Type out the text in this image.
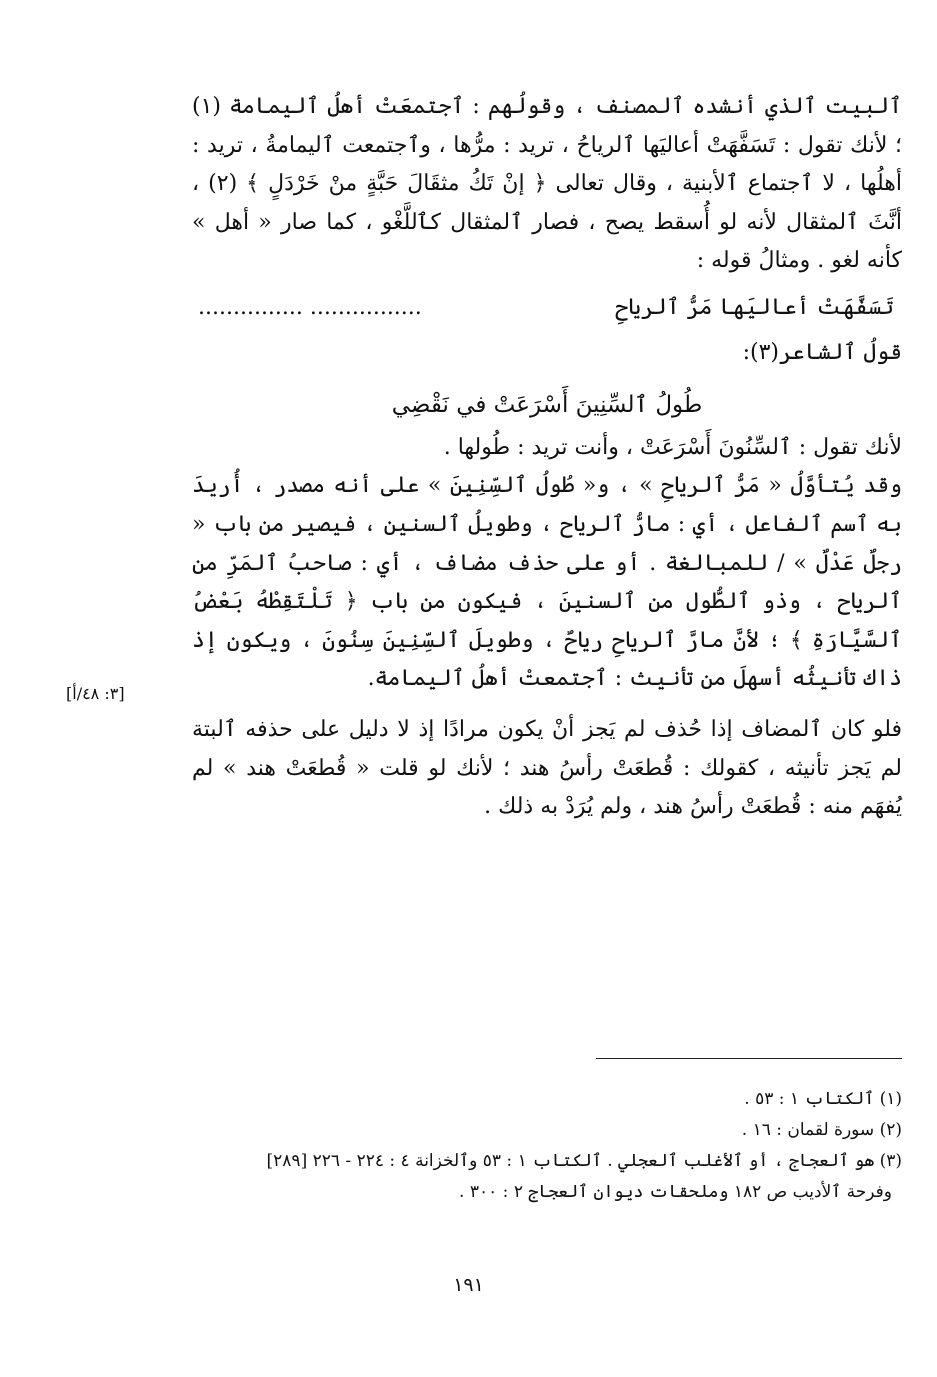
ٱلبيت ٱلذي أنشده ٱلمصنف ، وقولُهم : ٱجتمعَتْ أهلُ ٱليمامة (١) ؛ لأنك تقول : تَسَفَّهَتْ أعاليَها ٱلرياحُ ، تريد : مرُّها ، وٱجتمعت ٱليمامةُ ، تريد : أهلُها ، لا ٱجتماع ٱلأبنية ، وقال تعالى ﴿ إنْ تَكُ مثقَالَ حَبَّةٍ منْ خَرْدَلٍ ﴾ (٢) ، أنَّثَ ٱلمثقال لأنه لو أُسقط يصح ، فصار ٱلمثقال كٱللَّغْو ، كما صار « أهل » كأنه لغو . ومثالُ قوله :

تَسَفَّهَتْ أعاليَها مَرُّ ٱلرياحِ
................ ...............

قولُ ٱلشاعر(٣):

طُولُ ٱلسِّنِينَ أَسْرَعَتْ في نَقْضِي

لأنك تقول : ٱلسِّنُونَ أَسْرَعَتْ ، وأنت تريد : طُولها .

وقد يُتأوَّلُ « مَرُّ ٱلرياحِ » ، و« طُولُ ٱلسِّنِينَ » على أنه مصدر ، أُريدَ به ٱسم ٱلفاعل ، أي : مارُّ ٱلرياح ، وطويلُ ٱلسنين ، فيصير من باب « رجلٌ عَدْلٌ » / للمبالغة . أو على حذف مضاف ، أي : صاحبُ ٱلمَرِّ من ٱلرياح ، وذو ٱلطُّول من ٱلسنينَ ، فيكون من باب ﴿ تَلْتَقِطْهُ بَعْضُ ٱلسَّيَّارَةِ ﴾ ؛ لأنَّ مارَّ ٱلرياحِ رياحٌ ، وطويلَ ٱلسِّنِينَ سِنُونَ ، ويكون إذ ذاك تأنيثُه أسهلَ من تأنيث : ٱجتمعتْ أهلُ ٱليمامة.

فلو كان ٱلمضاف إذا حُذف لم يَجز أنْ يكون مرادًا إذ لا دليل على حذفه ٱلبتة لم يَجز تأنيثه ، كقولك : قُطعَتْ رأسُ هند ؛ لأنك لو قلت « قُطعَتْ هند » لم يُفهَم منه : قُطعَتْ رأسُ هند ، ولم يُرَدْ به ذلك .

[٣: ٤٨/أ]

(١) ٱلكتاب ١ : ٥٣ .

(٢) سورة لقمان : ١٦ .

(٣) هو ٱلعجاج ، أو ٱلأغلب ٱلعجلي . ٱلكتاب ١ : ٥٣ وٱلخزانة ٤ : ٢٢٤ - ٢٢٦ [٢٨٩]

وفرحة ٱلأديب ص ١٨٢ وملحقات ديوان ٱلعجاج ٢ : ٣٠٠ .

١٩١
